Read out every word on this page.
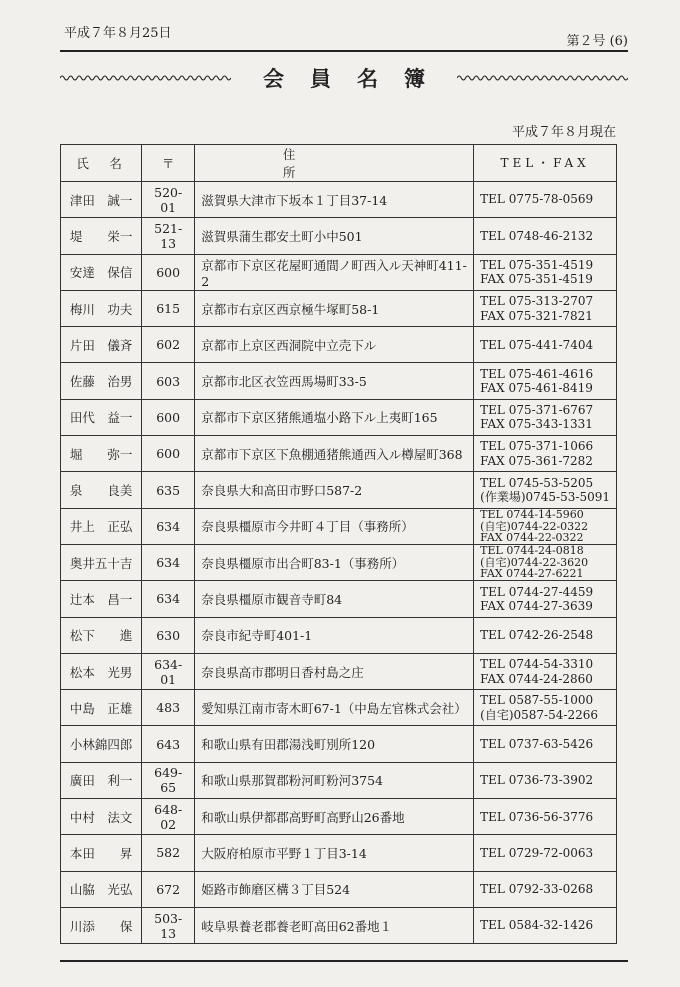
平成７年８月25日
第２号 (6)
会員名簿
平成７年８月現在
氏　名	〒	住　所	TEL・FAX
津田　誠一	520-01	滋賀県大津市下坂本１丁目37-14	TEL 0775-78-0569

堤　　栄一	521-13	滋賀県蒲生郡安土町小中501	TEL 0748-46-2132

安達　保信	600	京都市下京区花屋町通間ノ町西入ル天神町411-2	TEL 075-351-4519
FAX 075-351-4519

梅川　功夫	615	京都市右京区西京極牛塚町58-1	TEL 075-313-2707
FAX 075-321-7821

片田　儀斉	602	京都市上京区西洞院中立売下ル	TEL 075-441-7404

佐藤　治男	603	京都市北区衣笠西馬場町33-5	TEL 075-461-4616
FAX 075-461-8419

田代　益一	600	京都市下京区猪熊通塩小路下ル上夷町165	TEL 075-371-6767
FAX 075-343-1331

堀　　弥一	600	京都市下京区下魚棚通猪熊通西入ル樽屋町368	TEL 075-371-1066
FAX 075-361-7282

泉　　良美	635	奈良県大和高田市野口587-2	TEL 0745-53-5205
(作業場)0745-53-5091

井上　正弘	634	奈良県橿原市今井町４丁目（事務所）	TEL 0744-14-5960
(自宅)0744-22-0322
FAX 0744-22-0322

奥井五十吉	634	奈良県橿原市出合町83-1（事務所）	TEL 0744-24-0818
(自宅)0744-22-3620
FAX 0744-27-6221

辻本　昌一	634	奈良県橿原市観音寺町84	TEL 0744-27-4459
FAX 0744-27-3639

松下　　進	630	奈良市紀寺町401-1	TEL 0742-26-2548

松本　光男	634-01	奈良県高市郡明日香村島之庄	TEL 0744-54-3310
FAX 0744-24-2860

中島　正雄	483	愛知県江南市寄木町67-1（中島左官株式会社）	TEL 0587-55-1000
(自宅)0587-54-2266

小林錦四郎	643	和歌山県有田郡湯浅町別所120	TEL 0737-63-5426

廣田　利一	649-65	和歌山県那賀郡粉河町粉河3754	TEL 0736-73-3902

中村　法文	648-02	和歌山県伊都郡高野町高野山26番地	TEL 0736-56-3776

本田　　昇	582	大阪府柏原市平野１丁目3-14	TEL 0729-72-0063

山脇　光弘	672	姫路市飾磨区構３丁目524	TEL 0792-33-0268

川添　　保	503-13	岐阜県養老郡養老町高田62番地１	TEL 0584-32-1426
